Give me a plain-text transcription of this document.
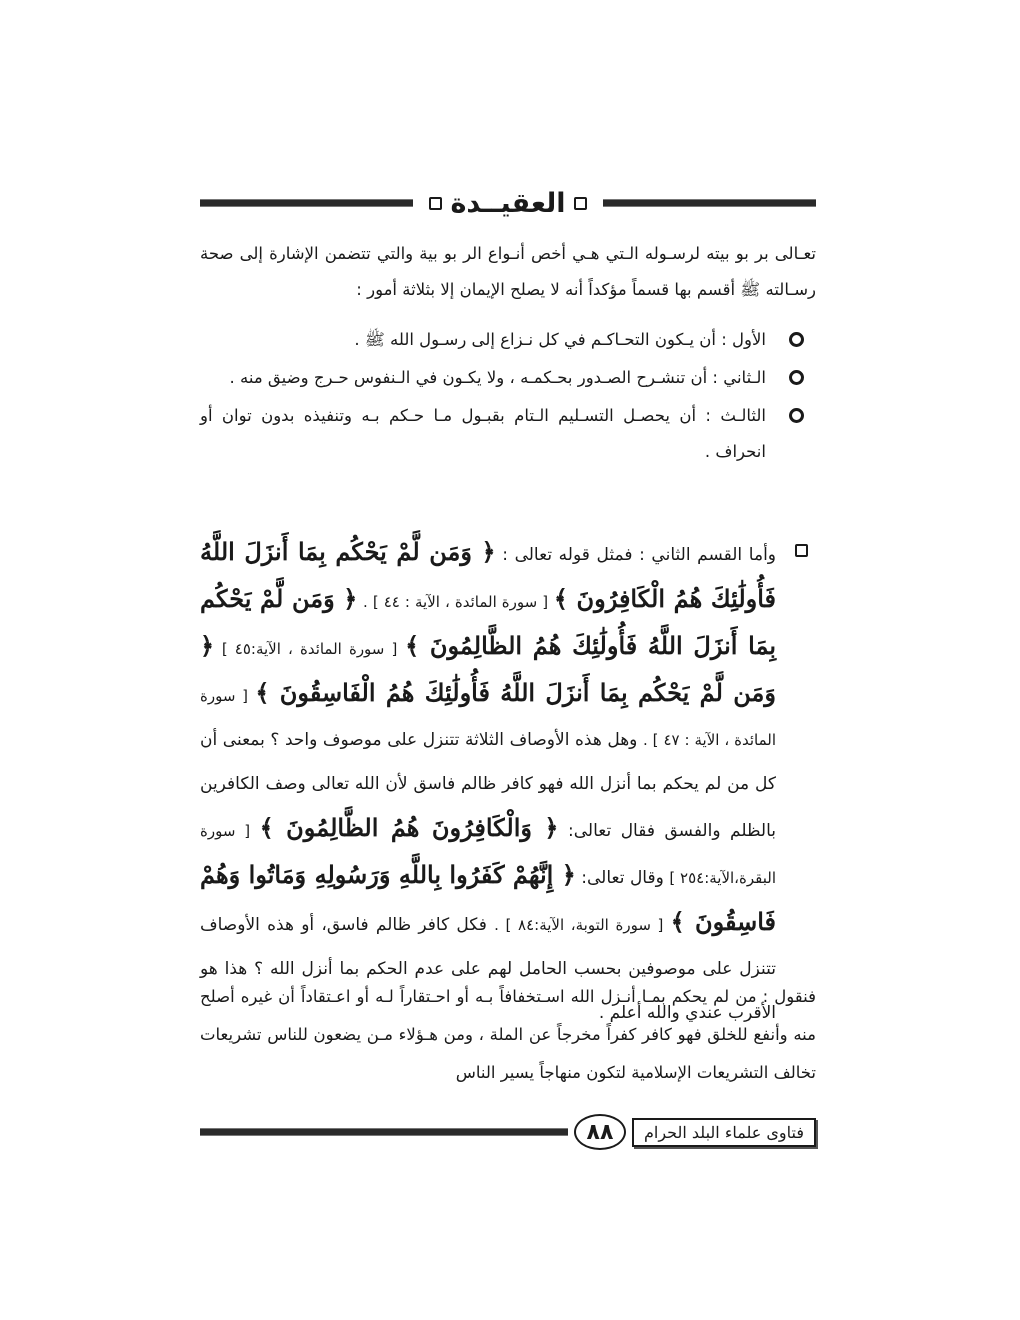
العقيــدة
تعـالى بر بو بيته لرسـوله الـتي هـي أخص أنـواع الر بو بية والتي تتضمن الإشارة إلى صحة رسـالته ﷺ أقسم بها قسماً مؤكداً أنه لا يصلح الإيمان إلا بثلاثة أمور :
الأول : أن يـكون التحـاكـم في كل نـزاع إلى رسـول الله ﷺ .
الـثاني : أن تنشـرح الصـدور بحـكمـه ، ولا يكـون في الـنفوس حـرج وضيق منه .
الثالـث : أن يحصـل التسـليم الـتام بقبـول مـا حـكم بـه وتنفيذه بدون توان أو انحراف .
وأما القسم الثاني : فمثل قوله تعالى : ﴿ وَمَن لَّمْ يَحْكُم بِمَا أَنزَلَ اللَّهُ فَأُولَٰئِكَ هُمُ الْكَافِرُونَ ﴾ [ سورة المائدة ، الآية : ٤٤ ] . ﴿ وَمَن لَّمْ يَحْكُم بِمَا أَنزَلَ اللَّهُ فَأُولَٰئِكَ هُمُ الظَّالِمُونَ ﴾ [ سورة المائدة ، الآية:٤٥ ] ﴿ وَمَن لَّمْ يَحْكُم بِمَا أَنزَلَ اللَّهُ فَأُولَٰئِكَ هُمُ الْفَاسِقُونَ ﴾ [ سورة المائدة ، الآية : ٤٧ ] . وهل هذه الأوصاف الثلاثة تتنزل على موصوف واحد ؟ بمعنى أن كل من لم يحكم بما أنزل الله فهو كافر ظالم فاسق لأن الله تعالى وصف الكافرين بالظلم والفسق فقال تعالى: ﴿ وَالْكَافِرُونَ هُمُ الظَّالِمُونَ ﴾ [ سورة البقرة،الآية:٢٥٤ ] وقال تعالى: ﴿ إِنَّهُمْ كَفَرُوا بِاللَّهِ وَرَسُولِهِ وَمَاتُوا وَهُمْ فَاسِقُونَ ﴾ [ سورة التوبة، الآية:٨٤ ] . فكل كافر ظالم فاسق، أو هذه الأوصاف تتنزل على موصوفين بحسب الحامل لهم على عدم الحكم بما أنزل الله ؟ هذا هو الأقرب عندي والله أعلم .
فنقول : من لم يحكم بمـا أنـزل الله اسـتخفافاً بـه أو احـتقاراً لـه أو اعـتقاداً أن غيره أصلح منه وأنفع للخلق فهو كافر كفراً مخرجاً عن الملة ، ومن هـؤلاء مـن يضعون للناس تشريعات تخالف التشريعات الإسلامية لتكون منهاجاً يسير الناس
فتاوى علماء البلد الحرام
٨٨
